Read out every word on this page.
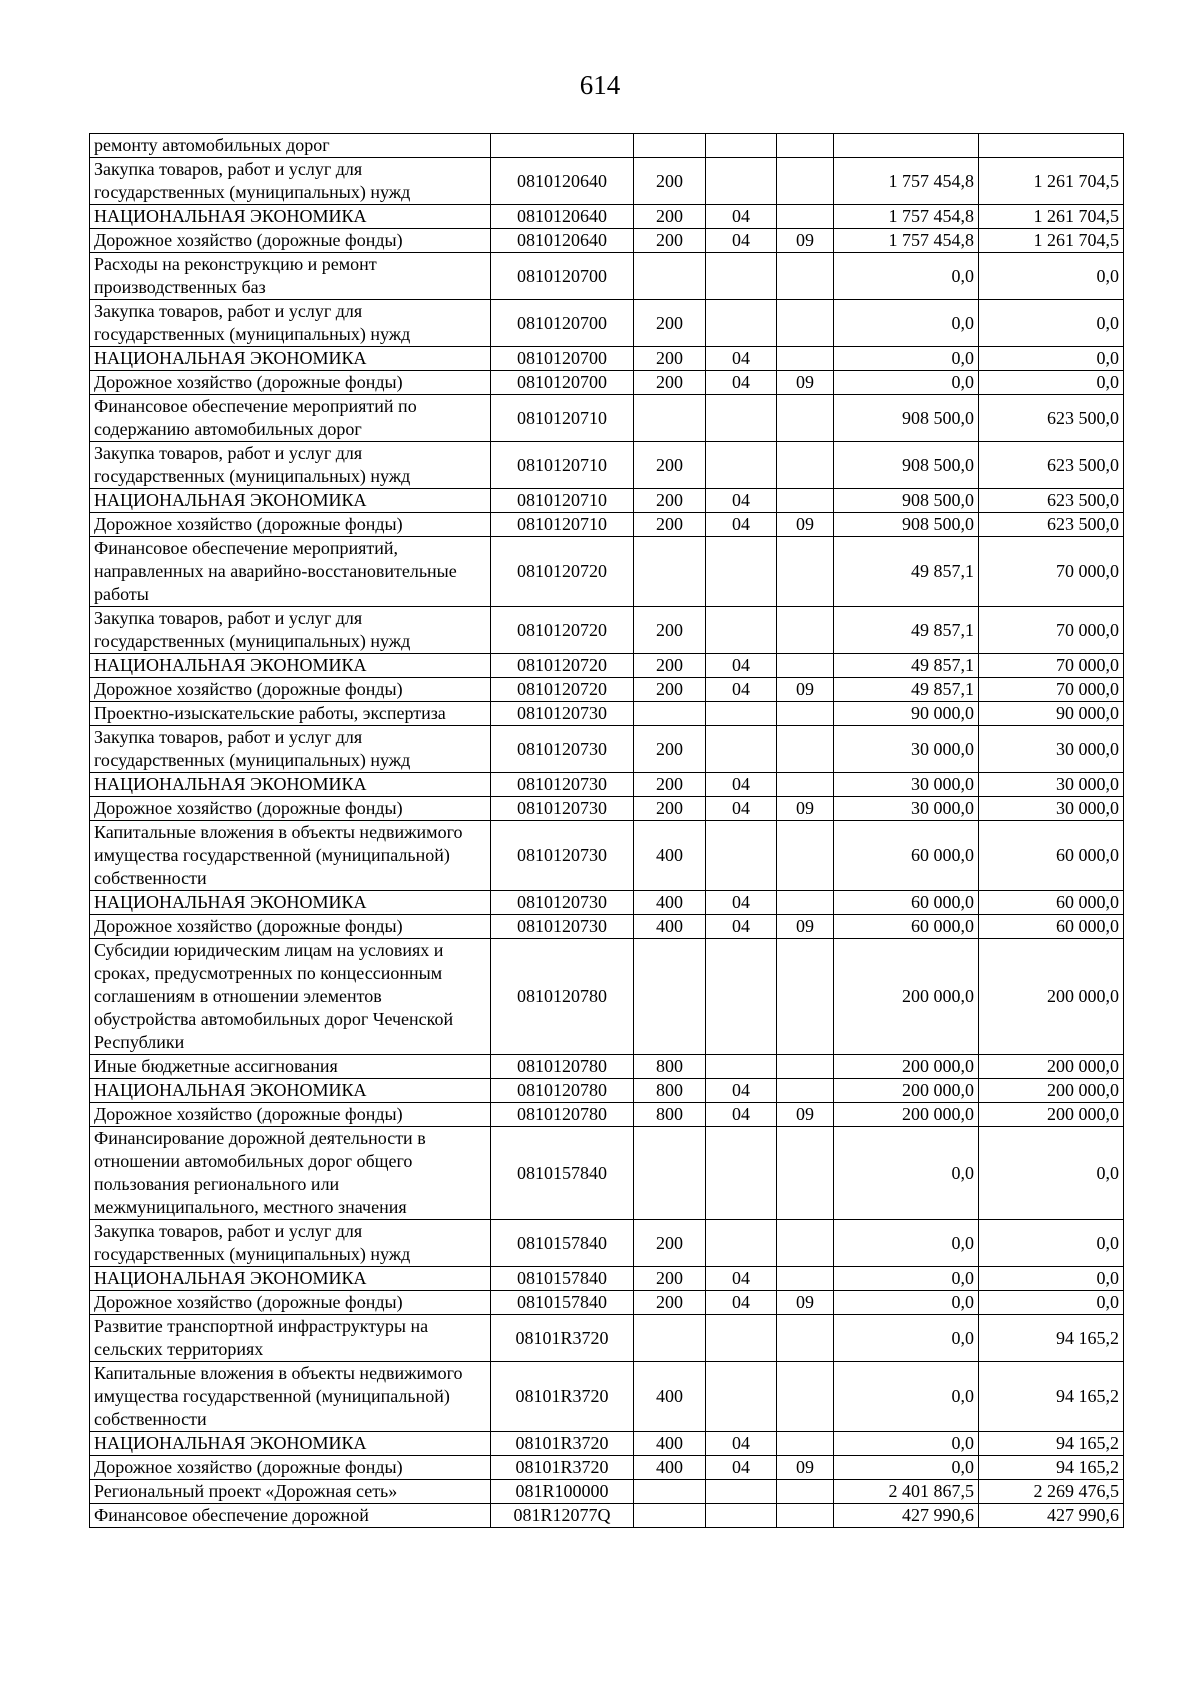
614
ремонту автомобильных дорог						
Закупка товаров, работ и услуг для государственных (муниципальных) нужд	0810120640	200			1 757 454,8	1 261 704,5
НАЦИОНАЛЬНАЯ ЭКОНОМИКА	0810120640	200	04		1 757 454,8	1 261 704,5
Дорожное хозяйство (дорожные фонды)	0810120640	200	04	09	1 757 454,8	1 261 704,5
Расходы на реконструкцию и ремонт производственных баз	0810120700				0,0	0,0
Закупка товаров, работ и услуг для государственных (муниципальных) нужд	0810120700	200			0,0	0,0
НАЦИОНАЛЬНАЯ ЭКОНОМИКА	0810120700	200	04		0,0	0,0
Дорожное хозяйство (дорожные фонды)	0810120700	200	04	09	0,0	0,0
Финансовое обеспечение мероприятий по содержанию автомобильных дорог	0810120710				908 500,0	623 500,0
Закупка товаров, работ и услуг для государственных (муниципальных) нужд	0810120710	200			908 500,0	623 500,0
НАЦИОНАЛЬНАЯ ЭКОНОМИКА	0810120710	200	04		908 500,0	623 500,0
Дорожное хозяйство (дорожные фонды)	0810120710	200	04	09	908 500,0	623 500,0
Финансовое обеспечение мероприятий, направленных на аварийно-восстановительные работы	0810120720				49 857,1	70 000,0
Закупка товаров, работ и услуг для государственных (муниципальных) нужд	0810120720	200			49 857,1	70 000,0
НАЦИОНАЛЬНАЯ ЭКОНОМИКА	0810120720	200	04		49 857,1	70 000,0
Дорожное хозяйство (дорожные фонды)	0810120720	200	04	09	49 857,1	70 000,0
Проектно-изыскательские работы, экспертиза	0810120730				90 000,0	90 000,0
Закупка товаров, работ и услуг для государственных (муниципальных) нужд	0810120730	200			30 000,0	30 000,0
НАЦИОНАЛЬНАЯ ЭКОНОМИКА	0810120730	200	04		30 000,0	30 000,0
Дорожное хозяйство (дорожные фонды)	0810120730	200	04	09	30 000,0	30 000,0
Капитальные вложения в объекты недвижимого имущества государственной (муниципальной) собственности	0810120730	400			60 000,0	60 000,0
НАЦИОНАЛЬНАЯ ЭКОНОМИКА	0810120730	400	04		60 000,0	60 000,0
Дорожное хозяйство (дорожные фонды)	0810120730	400	04	09	60 000,0	60 000,0
Субсидии юридическим лицам на условиях и сроках, предусмотренных по концессионным соглашениям в отношении элементов обустройства автомобильных дорог Чеченской Республики	0810120780				200 000,0	200 000,0
Иные бюджетные ассигнования	0810120780	800			200 000,0	200 000,0
НАЦИОНАЛЬНАЯ ЭКОНОМИКА	0810120780	800	04		200 000,0	200 000,0
Дорожное хозяйство (дорожные фонды)	0810120780	800	04	09	200 000,0	200 000,0
Финансирование дорожной деятельности в отношении автомобильных дорог общего пользования регионального или межмуниципального, местного значения	0810157840				0,0	0,0
Закупка товаров, работ и услуг для государственных (муниципальных) нужд	0810157840	200			0,0	0,0
НАЦИОНАЛЬНАЯ ЭКОНОМИКА	0810157840	200	04		0,0	0,0
Дорожное хозяйство (дорожные фонды)	0810157840	200	04	09	0,0	0,0
Развитие транспортной инфраструктуры на сельских территориях	08101R3720				0,0	94 165,2
Капитальные вложения в объекты недвижимого имущества государственной (муниципальной) собственности	08101R3720	400			0,0	94 165,2
НАЦИОНАЛЬНАЯ ЭКОНОМИКА	08101R3720	400	04		0,0	94 165,2
Дорожное хозяйство (дорожные фонды)	08101R3720	400	04	09	0,0	94 165,2
Региональный проект «Дорожная сеть»	081R100000				2 401 867,5	2 269 476,5
Финансовое обеспечение дорожной	081R12077Q				427 990,6	427 990,6
